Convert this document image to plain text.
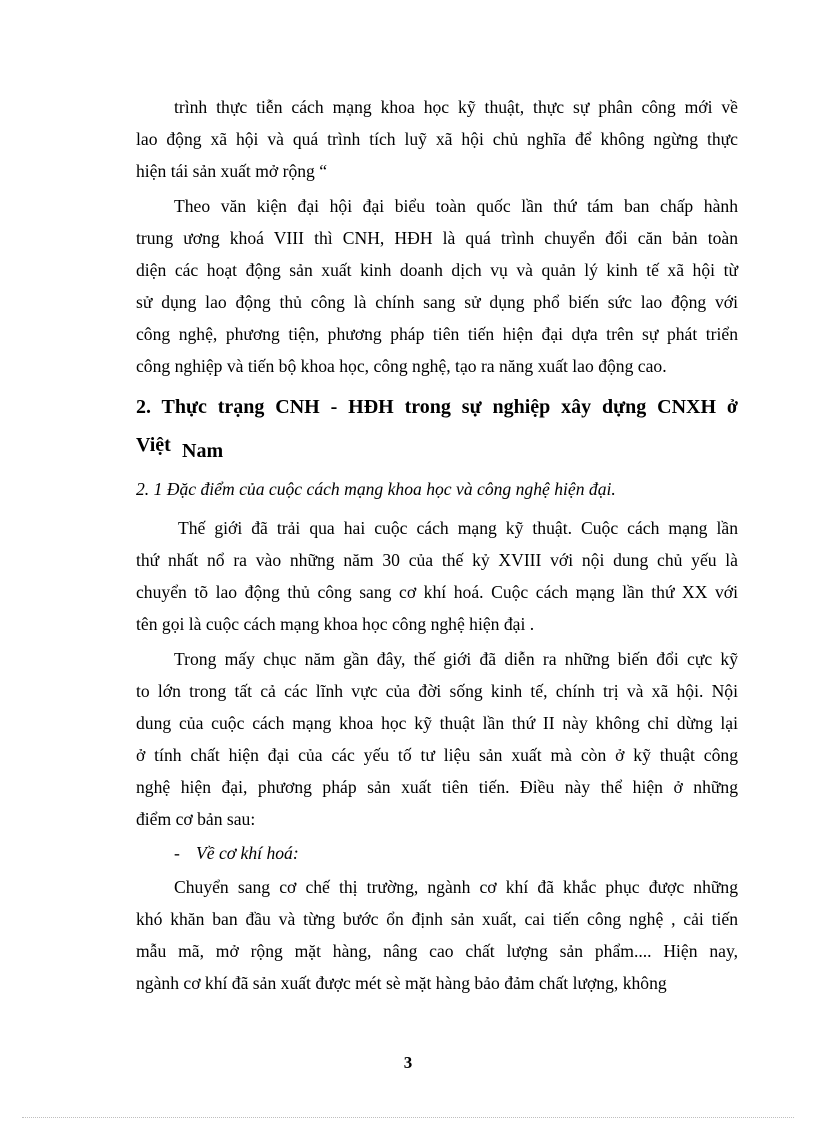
trình thực tiễn cách mạng khoa học kỹ thuật, thực sự phân công mới về
lao động xã hội và quá trình tích luỹ xã hội chủ nghĩa để không ngừng thực
hiện tái sản xuất mở rộng “
Theo văn kiện đại hội đại biểu toàn quốc lần thứ tám ban chấp hành
trung ương khoá VIII thì CNH, HĐH là quá trình chuyển đổi căn bản toàn
diện các hoạt động sản xuất kinh doanh dịch vụ và quản lý kinh tế xã hội từ
sử dụng lao động thủ công là chính sang sử dụng phổ biến sức lao động với
công nghệ, phương tiện, phương pháp tiên tiến hiện đại dựa trên sự phát triển
công nghiệp và tiến bộ khoa học, công nghệ, tạo ra năng xuất lao động cao.
2. Thực trạng CNH - HĐH trong sự nghiệp xây dựng CNXH ở
Việt Nam
2. 1 Đặc điểm của cuộc cách mạng khoa học và công nghệ hiện đại.
Thế giới đã trải qua hai cuộc cách mạng kỹ thuật. Cuộc cách mạng lần
thứ nhất nổ ra vào những năm 30 của thế kỷ XVIII với nội dung chủ yếu là
chuyển tõ lao động thủ công sang cơ khí hoá. Cuộc cách mạng lần thứ XX với
tên gọi là cuộc cách mạng khoa học công nghệ hiện đại .
Trong mấy chục năm gần đây, thế giới đã diễn ra những biến đổi cực kỹ
to lớn trong tất cả các lĩnh vực của đời sống kinh tế, chính trị và xã hội. Nội
dung của cuộc cách mạng khoa học kỹ thuật lần thứ II này không chỉ dừng lại
ở tính chất hiện đại của các yếu tố tư liệu sản xuất mà còn ở kỹ thuật công
nghệ hiện đại, phương pháp sản xuất tiên tiến. Điều này thể hiện ở những
điểm cơ bản sau:
- Về cơ khí hoá:
Chuyển sang cơ chế thị trường, ngành cơ khí đã khắc phục được những
khó khăn ban đầu và từng bước ổn định sản xuất, cai tiến công nghệ , cải tiến
mẫu mã, mở rộng mặt hàng, nâng cao chất lượng sản phẩm.... Hiện nay,
ngành cơ khí đã sản xuất được mét sè mặt hàng bảo đảm chất lượng, không
3
